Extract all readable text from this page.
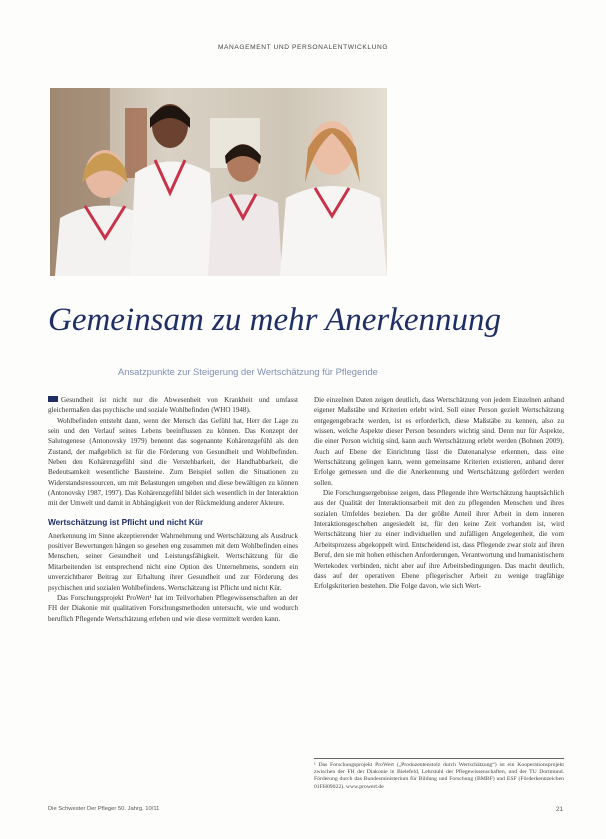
MANAGEMENT UND PERSONALENTWICKLUNG
Gemeinsam zu mehr Anerkennung
Ansatzpunkte zur Steigerung der Wertschätzung für Pflegende

Gesundheit ist nicht nur die Abwesenheit von Krankheit und umfasst gleichermaßen das psychische und soziale Wohlbefinden (WHO 1948).

Wohlbefinden entsteht dann, wenn der Mensch das Gefühl hat, Herr der Lage zu sein und den Verlauf seines Lebens beeinflussen zu können. Das Konzept der Salutogenese (Antonovsky 1979) benennt das sogenannte Kohärenzgefühl als den Zustand, der maßgeblich ist für die Förderung von Gesundheit und Wohlbefinden. Neben den Kohärenzgefühl sind die Verstehbarkeit, der Handhabbarkeit, die Bedeutsamkeit wesentliche Bausteine. Zum Beispiel sollen die Situationen zu Widerstandsressourcen, um mit Belastungen umgehen und diese bewältigen zu können (Antonovsky 1987, 1997). Das Kohärenzgefühl bildet sich wesentlich in der Interaktion mit der Umwelt und damit in Abhängigkeit von der Rückmeldung anderer Akteure.

Wertschätzung ist Pflicht und nicht Kür

Anerkennung im Sinne akzeptierender Wahrnehmung und Wertschätzung als Ausdruck positiver Bewertungen hängen so gesehen eng zusammen mit dem Wohlbefinden eines Menschen, seiner Gesundheit und Leistungsfähigkeit. Wertschätzung für die Mitarbeitenden ist entsprechend nicht eine Option des Unternehmens, sondern ein unverzichtbarer Beitrag zur Erhaltung ihrer Gesundheit und zur Förderung des psychischen und sozialen Wohlbefindens. Wertschätzung ist Pflicht und nicht Kür.

Das Forschungsprojekt ProWert¹ hat im Teilvorhaben Pflegewissenschaften an der FH der Diakonie mit qualitativen Forschungsmethoden untersucht, wie und wodurch beruflich Pflegende Wertschätzung erleben und wie diese vermittelt werden kann.

Die einzelnen Daten zeigen deutlich, dass Wertschätzung von jedem Einzelnen anhand eigener Maßstäbe und Kriterien erlebt wird. Soll einer Person gezielt Wertschätzung entgegengebracht werden, ist es erforderlich, diese Maßstäbe zu kennen, also zu wissen, welche Aspekte dieser Person besonders wichtig sind. Denn nur für Aspekte, die einer Person wichtig sind, kann auch Wertschätzung erlebt werden (Bohnen 2009). Auch auf Ebene der Einrichtung lässt die Datenanalyse erkennen, dass eine Wertschätzung gelingen kann, wenn gemeinsame Kriterien existieren, anhand derer Erfolge gemessen und die die Anerkennung und Wertschätzung gefördert werden sollen.

Die Forschungsergebnisse zeigen, dass Pflegende ihre Wertschätzung hauptsächlich aus der Qualität der Interaktionsarbeit mit den zu pflegenden Menschen und ihres sozialen Umfeldes beziehen. Da der größte Anteil ihrer Arbeit in dem inneren Interaktionsgeschehen angesiedelt ist, für den keine Zeit vorhanden ist, wird Wertschätzung hier zu einer individuellen und zufälligen Angelegenheit, die vom Arbeitsprozess abgekoppelt wird. Entscheidend ist, dass Pflegende zwar stolz auf ihren Beruf, den sie mit hohen ethischen Anforderungen, Verantwortung und humanistischem Wertekodex verbinden, nicht aber auf ihre Arbeitsbedingungen. Das macht deutlich, dass auf der operativen Ebene pflegerischer Arbeit zu wenige tragfähige Erfolgskriterien bestehen. Die Folge davon, wie sich Wert-

¹ Das Forschungsprojekt ProWert („Produzentenstolz durch Wertschätzung“) ist ein Kooperationsprojekt zwischen der FH der Diakonie in Bielefeld, Lehrstuhl der Pflegewissenschaften, und der TU Dortmund. Förderung durch das Bundesministerium für Bildung und Forschung (BMBF) und ESF (Förderkennzeichen 01FH09022). www.prowert.de
Die Schwester Der Pfleger 50. Jahrg. 10/11	21
